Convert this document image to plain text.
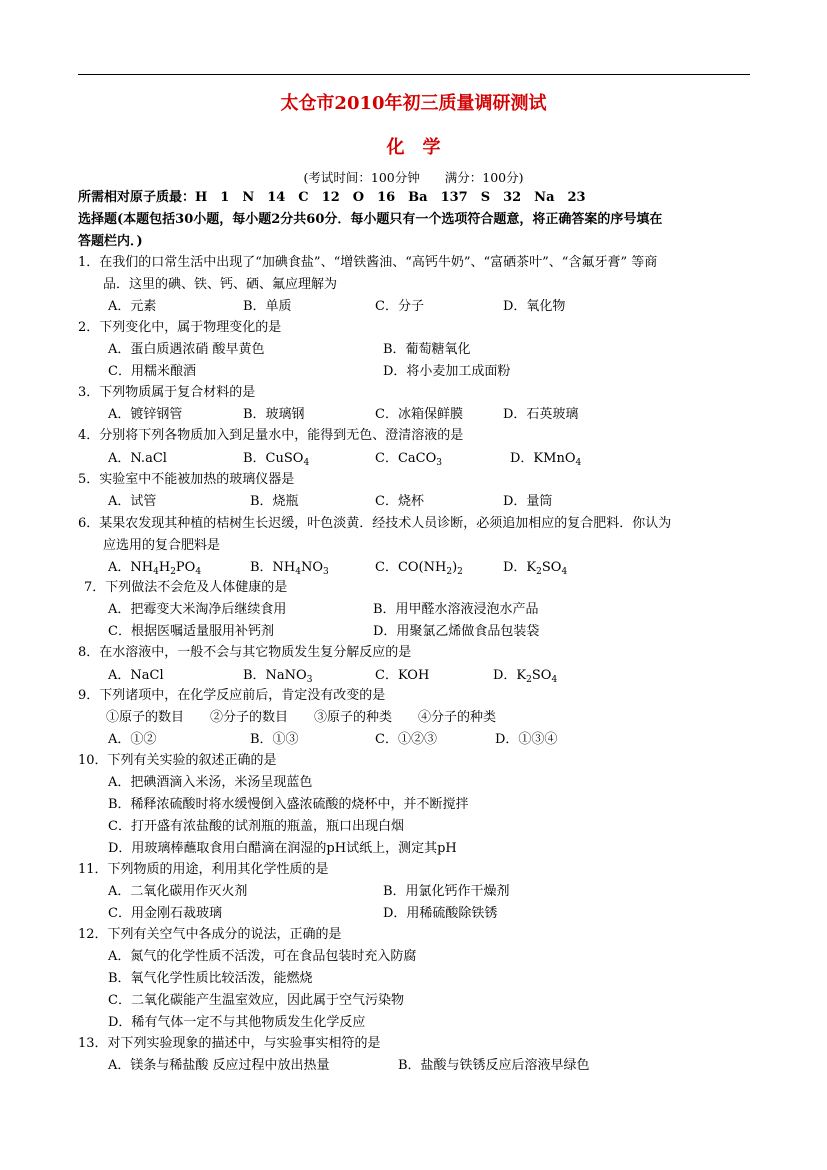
太仓市2010年初三质量调研测试
化学
(考试时间：100分钟　　满分：100分)
所需相对原子质最：H　1　N　14　C　12　O　16　Ba　137　S　32　Na　23
选择题(本题包括30小题，每小题2分共60分．每小题只有一个选项符合题意，将正确答案的序号填在
答题栏内．)
1．在我们的口常生活中出现了“加碘食盐”、“增铁酱油、“高钙牛奶”、“富硒茶叶”、“含氟牙膏” 等商
品．这里的碘、铁、钙、硒、氟应理解为
A．元素	B．单质	C．分子	D．氧化物
2．下列变化中，属于物理变化的是
A．蛋白质遇浓硝 酸早黄色	B．葡萄糖氧化
C．用糯米酿酒	D．将小麦加工成面粉
3．下列物质属于复合材料的是
A．镀锌钢管	B．玻璃钢	C．冰箱保鲜膜	D．石英玻璃
4．分别将下列各物质加入到足量水中，能得到无色、澄清溶液的是
A．N.aCl	B．CuSO$_4$	C．CaCO$_3$	D．KMnO$_4$
5．实验室中不能被加热的玻璃仪器是
A．试管	B．烧瓶	C．烧杯	D．量筒
6．某果农发现其种植的桔树生长迟缓，叶色淡黄．经技术人员诊断，必须追加相应的复合肥料．你认为
应选用的复合肥料是
A．$NH_4H_2PO_4$	B．$NH_4NO_3$	C．$CO(NH_2)_2$	D．$K_2SO_4$
7．下列做法不会危及人体健康的是
A．把霉变大米淘净后继续食用	B．用甲醛水溶液浸泡水产品
C．根据医嘱适量服用补钙剂	D．用聚氯乙烯做食品包装袋
8．在水溶液中，一般不会与其它物质发生复分解反应的是
A．NaCl	B．NaNO$_3$	C．KOH	D．$K_2SO_4$
9．下列诸项中，在化学反应前后，肯定没有改变的是
①原子的数目　　②分子的数目　　③原子的种类　　④分子的种类
A．①②	B．①③	C．①②③	D．①③④
10．下列有关实验的叙述正确的是
A．把碘酒滴入米汤，米汤呈现蓝色
B．稀释浓硫酸时将水缓慢倒入盛浓硫酸的烧杯中，并不断搅拌
C．打开盛有浓盐酸的试剂瓶的瓶盖，瓶口出现白烟
D．用玻璃棒蘸取食用白醋滴在润湿的pH试纸上，测定其pH
11．下列物质的用途，利用其化学性质的是
A．二氧化碳用作灭火剂	B．用氯化钙作干燥剂
C．用金刚石裁玻璃	D．用稀硫酸除铁锈
12．下列有关空气中各成分的说法，正确的是
A．氮气的化学性质不活泼，可在食品包装时充入防腐
B．氧气化学性质比较活泼，能燃烧
C．二氧化碳能产生温室效应，因此属于空气污染物
D．稀有气体一定不与其他物质发生化学反应
13．对下列实验现象的描述中，与实验事实相符的是
A．镁条与稀盐酸 反应过程中放出热量	B．盐酸与铁锈反应后溶液早绿色
